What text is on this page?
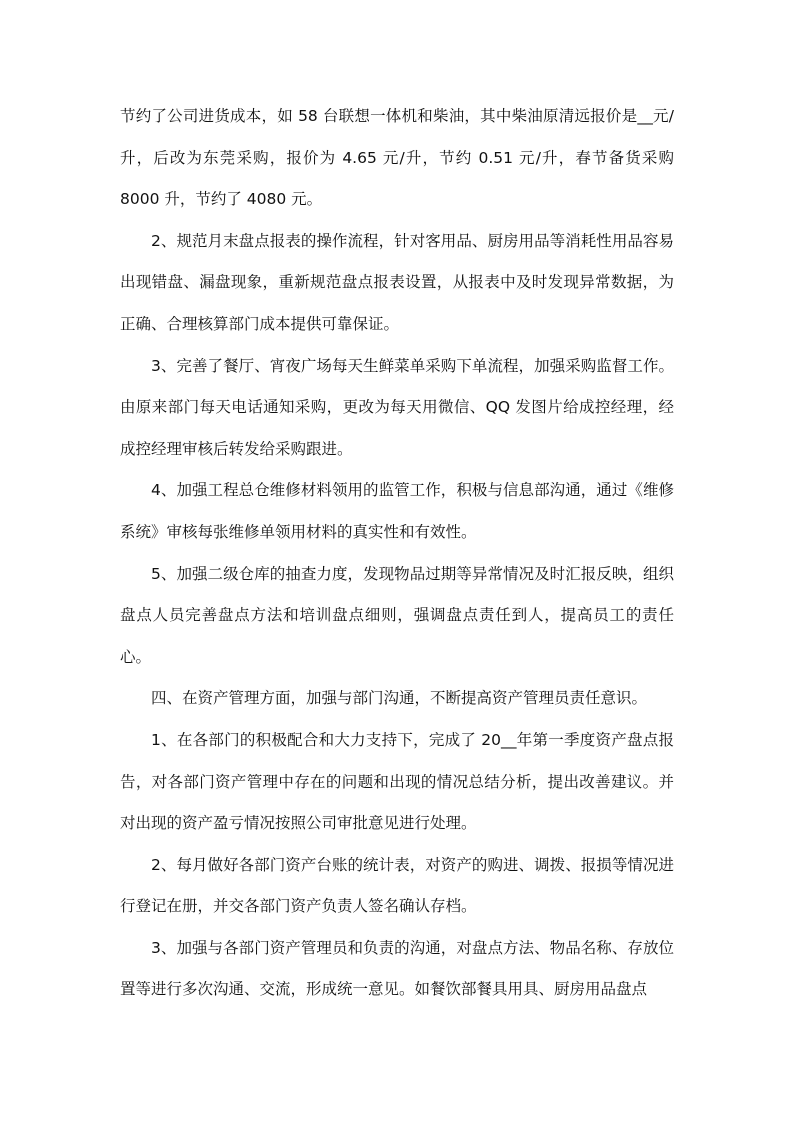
节约了公司进货成本，如 58 台联想一体机和柴油，其中柴油原清远报价是__元/升，后改为东莞采购，报价为 4.65 元/升，节约 0.51 元/升，春节备货采购 8000 升，节约了 4080 元。

2、规范月末盘点报表的操作流程，针对客用品、厨房用品等消耗性用品容易出现错盘、漏盘现象，重新规范盘点报表设置，从报表中及时发现异常数据，为正确、合理核算部门成本提供可靠保证。

3、完善了餐厅、宵夜广场每天生鲜菜单采购下单流程，加强采购监督工作。由原来部门每天电话通知采购，更改为每天用微信、QQ 发图片给成控经理，经成控经理审核后转发给采购跟进。

4、加强工程总仓维修材料领用的监管工作，积极与信息部沟通，通过《维修系统》审核每张维修单领用材料的真实性和有效性。

5、加强二级仓库的抽查力度，发现物品过期等异常情况及时汇报反映，组织盘点人员完善盘点方法和培训盘点细则，强调盘点责任到人，提高员工的责任心。

四、在资产管理方面，加强与部门沟通，不断提高资产管理员责任意识。

1、在各部门的积极配合和大力支持下，完成了 20__年第一季度资产盘点报告，对各部门资产管理中存在的问题和出现的情况总结分析，提出改善建议。并对出现的资产盈亏情况按照公司审批意见进行处理。

2、每月做好各部门资产台账的统计表，对资产的购进、调拨、报损等情况进行登记在册，并交各部门资产负责人签名确认存档。

3、加强与各部门资产管理员和负责的沟通，对盘点方法、物品名称、存放位置等进行多次沟通、交流，形成统一意见。如餐饮部餐具用具、厨房用品盘点
